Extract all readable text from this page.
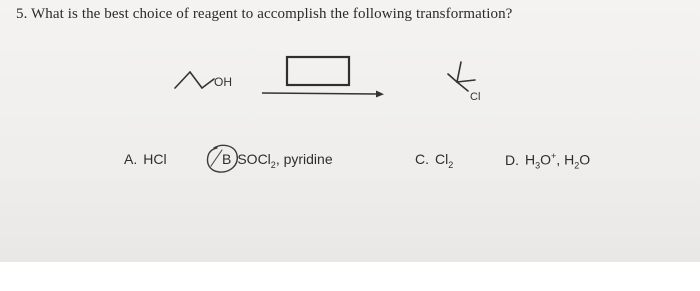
5. What is the best choice of reagent to accomplish the following transformation?
OH
Cl
A. HCl	B SOCl$_2$, pyridine	C. $Cl_2$	D. $H_3O^+$, $H_2O$
